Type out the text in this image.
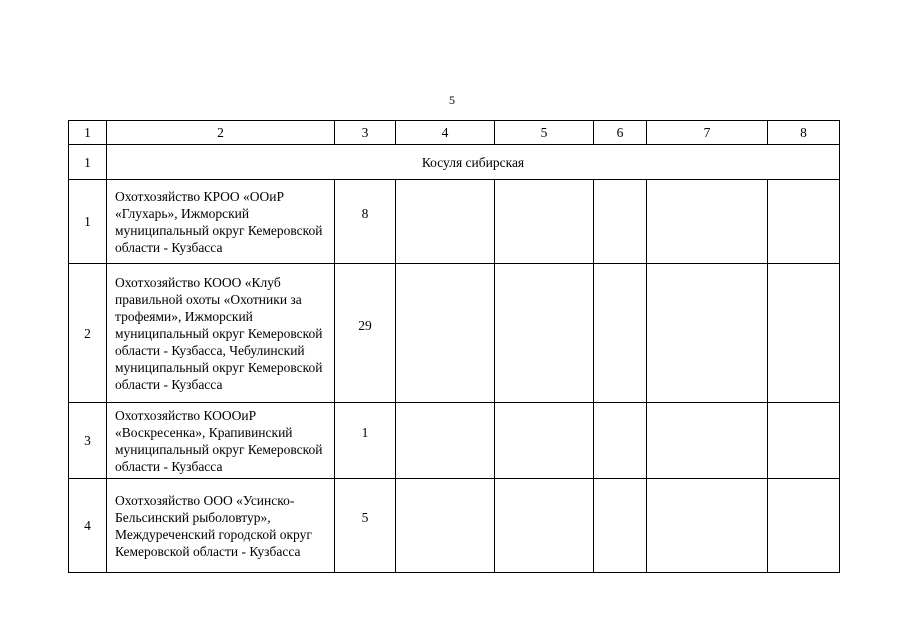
5
1	2	3	4	5	6	7	8
1	Косуля сибирская						
1	Охотхозяйство КРОО «ООиР «Глухарь», Ижморский муниципальный округ Кемеровской области - Кузбасса	8					
2	Охотхозяйство КООО «Клуб правильной охоты «Охотники за трофеями», Ижморский муниципальный округ Кемеровской области - Кузбасса, Чебулинский муниципальный округ Кемеровской области - Кузбасса	29					
3	Охотхозяйство КОООиР «Воскресенка», Крапивинский муниципальный округ Кемеровской области - Кузбасса	1					
4	Охотхозяйство ООО «Усинско-Бельсинский рыболовтур», Междуреченский городской округ Кемеровской области - Кузбасса	5					
